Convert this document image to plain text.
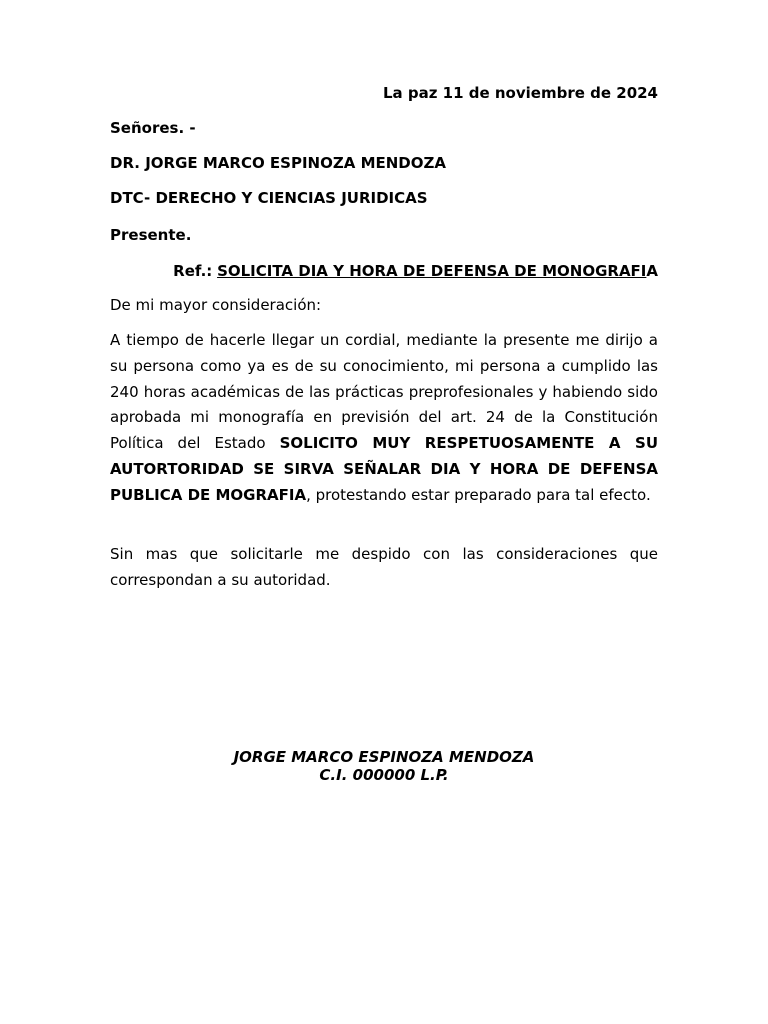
La paz 11 de noviembre de 2024
Señores. -
DR. JORGE MARCO ESPINOZA MENDOZA
DTC- DERECHO Y CIENCIAS JURIDICAS
Presente.
Ref.: SOLICITA DIA Y HORA DE DEFENSA DE MONOGRAFIA
De mi mayor consideración:
A tiempo de hacerle llegar un cordial, mediante la presente me dirijo a su persona como ya es de su conocimiento, mi persona a cumplido las 240 horas académicas de las prácticas preprofesionales y habiendo sido aprobada mi monografía en previsión del art. 24 de la Constitución Política del Estado SOLICITO MUY RESPETUOSAMENTE A SU AUTORTORIDAD SE SIRVA SEÑALAR DIA Y HORA DE DEFENSA PUBLICA DE MOGRAFIA, protestando estar preparado para tal efecto.
Sin mas que solicitarle me despido con las consideraciones que correspondan a su autoridad.
JORGE MARCO ESPINOZA MENDOZA
C.I. 000000 L.P.
